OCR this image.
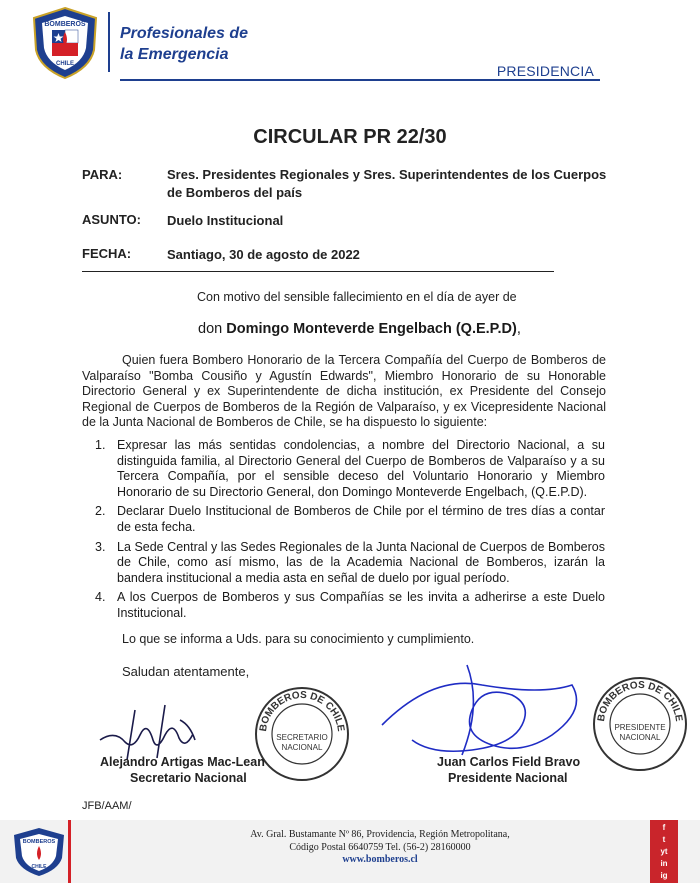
BOMBEROS
CHILE
Profesionales de
la Emergencia
PRESIDENCIA
CIRCULAR PR 22/30
PARA:	Sres. Presidentes Regionales y Sres. Superintendentes de los Cuerpos
de Bomberos del país
ASUNTO: Duelo Institucional
FECHA:	Santiago, 30 de agosto de 2022
Con motivo del sensible fallecimiento en el día de ayer de
don Domingo Monteverde Engelbach (Q.E.P.D),
Quien fuera Bombero Honorario de la Tercera Compañía del Cuerpo de Bomberos de Valparaíso "Bomba Cousiño y Agustín Edwards", Miembro Honorario de su Honorable Directorio General y ex Superintendente de dicha institución, ex Presidente del Consejo Regional de Cuerpos de Bomberos de la Región de Valparaíso, y ex Vicepresidente Nacional de la Junta Nacional de Bomberos de Chile, se ha dispuesto lo siguiente:
1. Expresar las más sentidas condolencias, a nombre del Directorio Nacional, a su distinguida familia, al Directorio General del Cuerpo de Bomberos de Valparaíso y a su Tercera Compañía, por el sensible deceso del Voluntario Honorario y Miembro Honorario de su Directorio General, don Domingo Monteverde Engelbach, (Q.E.P.D).
2. Declarar Duelo Institucional de Bomberos de Chile por el término de tres días a contar de esta fecha.
3. La Sede Central y las Sedes Regionales de la Junta Nacional de Cuerpos de Bomberos de Chile, como así mismo, las de la Academia Nacional de Bomberos, izarán la bandera institucional a media asta en señal de duelo por igual período.
4. A los Cuerpos de Bomberos y sus Compañías se les invita a adherirse a este Duelo Institucional.
Lo que se informa a Uds. para su conocimiento y cumplimiento.
Saludan atentamente,
BOMBEROS DE CHILE
SECRETARIO
NACIONAL
BOMBEROS DE CHILE
PRESIDENTE
NACIONAL
Alejandro Artigas Mac-Lean
Secretario Nacional
Juan Carlos Field Bravo
Presidente Nacional
JFB/AAM/
BOMBEROS
CHILE
Av. Gral. Bustamante Nº 86, Providencia, Región Metropolitana,
Código Postal 6640759 Tel. (56-2) 28160000
www.bomberos.cl
f
t
yt
in
ig
